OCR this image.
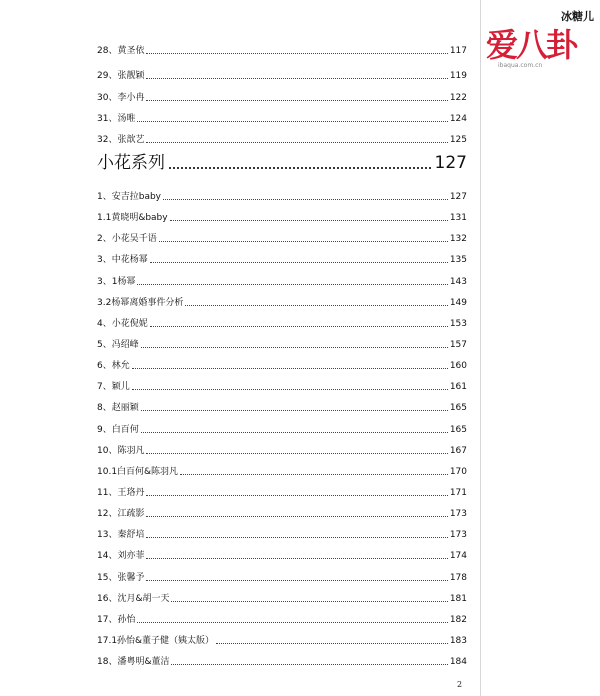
冰糖儿
爱八卦
ibaqua.com.cn
28、黄圣依	117
29、张靓颖	119
30、李小冉	122
31、汤唯	124
32、张歆艺	125
小花系列	127
1、安吉拉baby	127
1.1黄晓明&baby	131
2、小花吴千语	132
3、中花杨幂	135
3、1杨幂	143
3.2杨幂离婚事件分析	149
4、小花倪妮	153
5、冯绍峰	157
6、林允	160
7、颖儿	161
8、赵丽颖	165
9、白百何	165
10、陈羽凡	167
10.1白百何&陈羽凡	170
11、王珞丹	171
12、江疏影	173
13、秦舒培	173
14、刘亦菲	174
15、张馨予	178
16、沈月&胡一天	181
17、孙怡	182
17.1孙怡&董子健（姨太版）	183
18、潘粤明&董洁	184
2
